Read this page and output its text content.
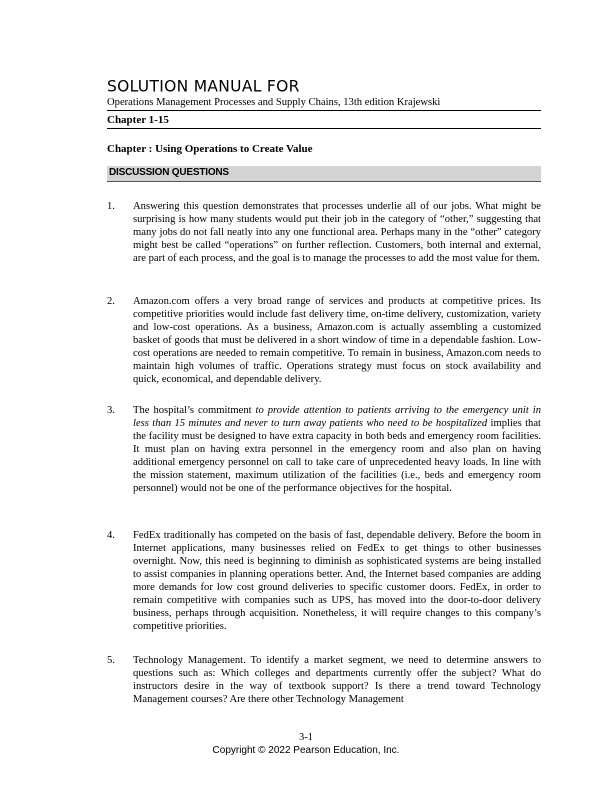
SOLUTION MANUAL FOR
Operations Management Processes and Supply Chains, 13th edition Krajewski
Chapter 1-15
Chapter : Using Operations to Create Value
DISCUSSION QUESTIONS
1. Answering this question demonstrates that processes underlie all of our jobs. What might be surprising is how many students would put their job in the category of “other,” suggesting that many jobs do not fall neatly into any one functional area. Perhaps many in the “other” category might best be called “operations” on further reflection. Customers, both internal and external, are part of each process, and the goal is to manage the processes to add the most value for them.
2. Amazon.com offers a very broad range of services and products at competitive prices. Its competitive priorities would include fast delivery time, on-time delivery, customization, variety and low-cost operations. As a business, Amazon.com is actually assembling a customized basket of goods that must be delivered in a short window of time in a dependable fashion. Low-cost operations are needed to remain competitive. To remain in business, Amazon.com needs to maintain high volumes of traffic. Operations strategy must focus on stock availability and quick, economical, and dependable delivery.
3. The hospital’s commitment to provide attention to patients arriving to the emergency unit in less than 15 minutes and never to turn away patients who need to be hospitalized implies that the facility must be designed to have extra capacity in both beds and emergency room facilities. It must plan on having extra personnel in the emergency room and also plan on having additional emergency personnel on call to take care of unprecedented heavy loads. In line with the mission statement, maximum utilization of the facilities (i.e., beds and emergency room personnel) would not be one of the performance objectives for the hospital.
4. FedEx traditionally has competed on the basis of fast, dependable delivery. Before the boom in Internet applications, many businesses relied on FedEx to get things to other businesses overnight. Now, this need is beginning to diminish as sophisticated systems are being installed to assist companies in planning operations better. And, the Internet based companies are adding more demands for low cost ground deliveries to specific customer doors. FedEx, in order to remain competitive with companies such as UPS, has moved into the door-to-door delivery business, perhaps through acquisition. Nonetheless, it will require changes to this company’s competitive priorities.
5. Technology Management. To identify a market segment, we need to determine answers to questions such as: Which colleges and departments currently offer the subject? What do instructors desire in the way of textbook support? Is there a trend toward Technology Management courses? Are there other Technology Management
3-1
Copyright © 2022 Pearson Education, Inc.
